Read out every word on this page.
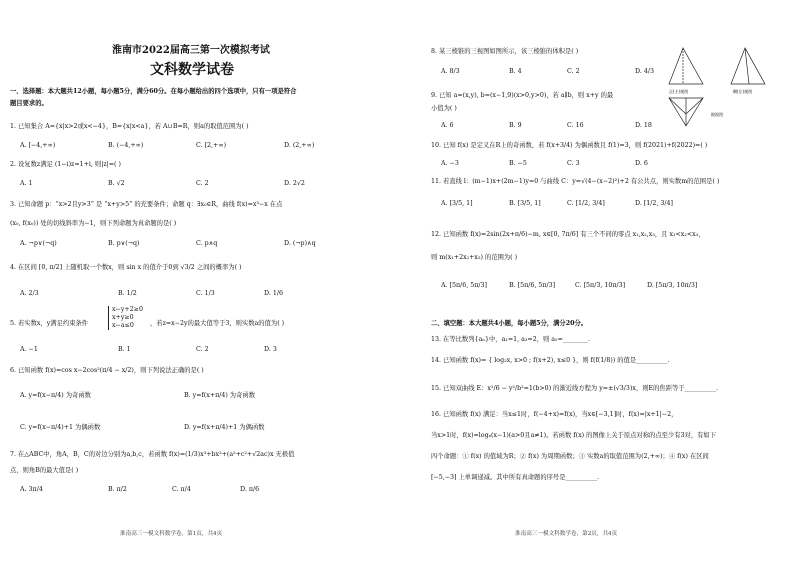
淮南市2022届高三第一次模拟考试
文科数学试卷
一、选择题：本大题共12小题，每小题5分，满分60分。在每小题给出的四个选项中，只有一项是符合
题目要求的。
1. 已知集合 A={x|x>2或x<−4}，B={x|x<a}，若 A∪B=R，则a的取值范围为( )
A. [−4,+∞)	B. (−4,+∞)	C. [2,+∞)	D. (2,+∞)
2. 设复数z满足 (1−i)z=1+i, 则|z|=( )
A. 1	B. √2	C. 2	D. 2√2
3. 已知命题 p：“x>2且y>3” 是 “x+y>5” 的充要条件；命题 q：∃x₀∈R，曲线 f(x)=x³−x 在点
(x₀, f(x₀)) 处的切线斜率为−1，则下列命题为真命题的是( )
A. ¬p∨(¬q)	B. p∨(¬q)	C. p∧q	D. (¬p)∧q
4. 在区间 [0, π/2] 上随机取一个数x，则 sin x 的值介于0到 √3/2 之间的概率为( )
A. 2/3	B. 1/2	C. 1/3	D. 1/6
5. 若实数x，y满足约束条件
x−y+2≥0
x+y≥0
x−a≤0	，若z=x−2y的最大值等于3，则实数a的值为( )
A. −1	B. 1	C. 2	D. 3
6. 已知函数 f(x)=cos x−2cos²(π/4 − x/2)，则下列说法正确的是( )
A. y=f(x−π/4) 为奇函数	B. y=f(x+π/4) 为奇函数
C. y=f(x−π/4)+1 为偶函数	D. y=f(x+π/4)+1 为偶函数
7. 在△ABC中，角A，B，C的对边分别为a,b,c，若函数 f(x)=(1/3)x³+bx²+(a²+c²+√2ac)x 无极值
点，则角B的最大值是( )
A. 3π/4	B. π/2	C. π/4	D. π/6
淮南高三一模文科数学卷，第1页，共4页
8. 某三棱锥的三视图如图所示，该三棱锥的体积是( )
A. 8/3	B. 4	C. 2	D. 4/3
正(主)视图	侧(左)视图
俯视图
9. 已知 a=(x,y), b=(x−1,9)(x>0,y>0)，若 a∥b，则 x+y 的最
小值为( )
A. 6	B. 9	C. 16	D. 18
10. 已知 f(x) 是定义在R上的奇函数，若 f(x+3/4) 为偶函数且 f(1)=3，则 f(2021)+f(2022)=( )
A. −3	B. −5	C. 3	D. 6
11. 若直线 l：(m−1)x+(2m−1)y=0 与曲线 C：y=√(4−(x−2)²)+2 有公共点，则实数m的范围是( )
A. [3/5, 1]	B. [3/5, 1]	C. [1/2, 3/4]	D. [1/2, 3/4]
12. 已知函数 f(x)=2sin(2x+π/6)−m, x∈[0, 7π/6] 有三个不同的零点 x₁,x₂,x₃，且 x₁<x₂<x₃，
则 m(x₁+2x₂+x₃) 的范围为( )
A. [5π/6, 5π/3]	B. [5π/6, 5π/3]	C. [5π/3, 10π/3]	D. [5π/3, 10π/3]
二、填空题：本大题共4小题，每小题5分，满分20分。
13. 在等比数列{aₙ}中，a₁=1, a₃=2，则 a₅=________.
14. 已知函数 f(x)= { log₂x, x>0 ; f(x+2), x≤0 }，则 f(f(1/8)) 的值是__________.
15. 已知双曲线 E：x²/6 − y²/b²=1(b>0) 的渐近线方程为 y=±(√3/3)x，则E的焦距等于__________.
16. 已知函数 f(x) 满足：当x≤1时，f(−4+x)=f(x)，当x∈[−3,1]时，f(x)=|x+1|−2，
当x>1时，f(x)=logₐ(x−1)(a>0且a≠1)。若函数 f(x) 的图像上关于原点对称的点至少有3对，有如下
四个命题：① f(x) 的值域为R；② f(x) 为周期函数；③ 实数a的取值范围为(2,+∞)；④ f(x) 在区间
[−5,−3] 上单调递减。其中所有真命题的序号是__________.
淮南高三一模文科数学卷，第2页，共4页
